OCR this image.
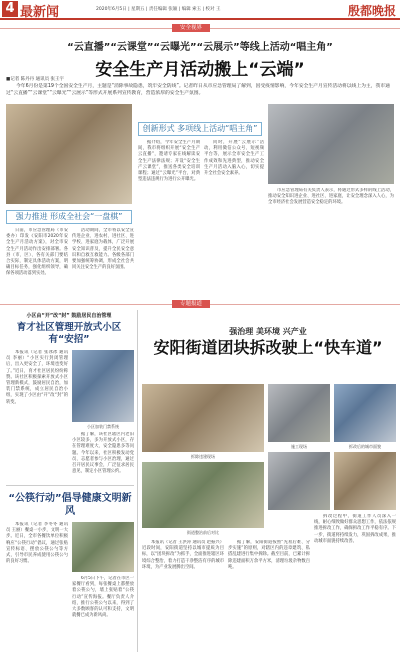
4 最新闻	2020年6月5日 | 星期五 | 责任编辑 张颖 | 编辑 索玉 | 校对 王	殷都晚报
安全视界
“云直播”“云课堂”“云曝光”“云展示”等线上活动“唱主角”
安全生产月活动搬上“云端”
■记者 陈丹丹 通讯员 张王宇
今年6月份是第19个全国安全生产月，主题是“消除事故隐患，筑牢安全防线”。记者昨日从市应急管理局了解到，因受疫情影响，今年安全生产月宣传活动将以线上为主，我市通过“云直播”“云课堂”“云曝光”“云展示”等形式开展系列宣传教育，营造浓厚的安全生产氛围。
创新形式 多项线上活动“唱主角”
强力推进 形成全社会“一盘棋”

日前，市应急管理局（市安委办）印发《安阳市2020年安全生产月活动方案》，对全市安全生产月活动作出安排部署。各县（市、区）、各有关部门要结合实际，制定具体活动方案，明确目标任务，强化组织领导，确保各项活动落到实处。

活动期间，全市将以安全宣传进企业、进农村、进社区、进学校、进家庭为载体，广泛开展安全知识普及，提升全民安全意识和自救互救能力。各级各部门要加强统筹协调，形成全社会共同关注安全生产的良好氛围。

据介绍，今年安全生产月期间，我市将组织开展“安全生产云直播”，邀请专家在线解读安全生产法律法规；开设“安全生产云课堂”，推送各类安全培训课程；通过“云曝光”平台，对典型违法违规行为进行公开曝光。

同时，开展“云展示”活动，利用微信公众号、短视频平台等，展示全市安全生产工作成效和先进典型，推动安全生产月活动入脑入心，切实提升全社会安全素养。

市应急管理局有关负责人表示，将通过形式多样的线上活动，推动安全知识进企业、进社区、进家庭，让安全理念深入人心，为全市经济社会发展营造安全稳定的环境。

专题报道
小区由“开”改“封” 鼓励居民自治管理
育才社区管理开放式小区有“安招”

本报讯（记者 张冰冰 通讯员 李丽）“小区实行封闭管理后，出入更安全了，环境也变好了。”近日，育才社区居民纷纷称赞。该社区积极探索开放式小区管理新模式，鼓励居民自治，加装门禁系统，成立居民自治小组，实现了小区由“开”改“封”的转变。

小区加装门禁系统

据了解，该社区辖区内老旧小区较多，多为开放式小区，存在管理难度大、安全隐患多等问题。今年以来，社区积极发动党员、志愿者参与小区治理，通过召开居民议事会，广泛征求居民意见，制定小区管理公约。

“公筷行动”倡导健康文明新风

本报讯（记者 李冬冬 通讯员 王丽）餐桌一小步，文明一大步。近日，全市各餐饮单位积极响应“公筷行动”倡议，通过张贴宣传标语、摆放公筷公勺等方式，引导市民养成使用公筷公勺的良好习惯。

6月5日下午，记者在市区一家餐厅看到，每张餐桌上都摆放着公筷公勺，墙上张贴着“公筷行动”宣传海报。餐厅负责人介绍，推行公筷公勺以来，得到了大多数顾客的认可和支持，文明就餐已成为新风尚。

强治理 美环境 兴产业
安阳街道团块拆改驶上“快车道”
拆除违建现场
施工现场	拆改后的城市面貌
街道整治前后对比

本报讯（记者 王洪涛 通讯员 赵振兴）近段时间，安阳街道坚持以城市提质为目标，以“团块拆改”为抓手，全面推进辖区环境综合整治，着力打造干净整洁有序的城市环境，为产业发展腾出空间。

据了解，安阳街道按照“先易后难、分步实施”的原则，对辖区内的违章建筑、私搭乱建进行集中拆除。截至目前，已累计拆除违建面积万余平方米，清理垃圾杂物数百吨。

拆改过程中，街道工作人员深入一线，耐心细致做好群众思想工作，依法依规推进拆改工作，确保拆改工作平稳有序。下一步，街道将持续发力，巩固拆改成果，推动城市面貌持续改善。
